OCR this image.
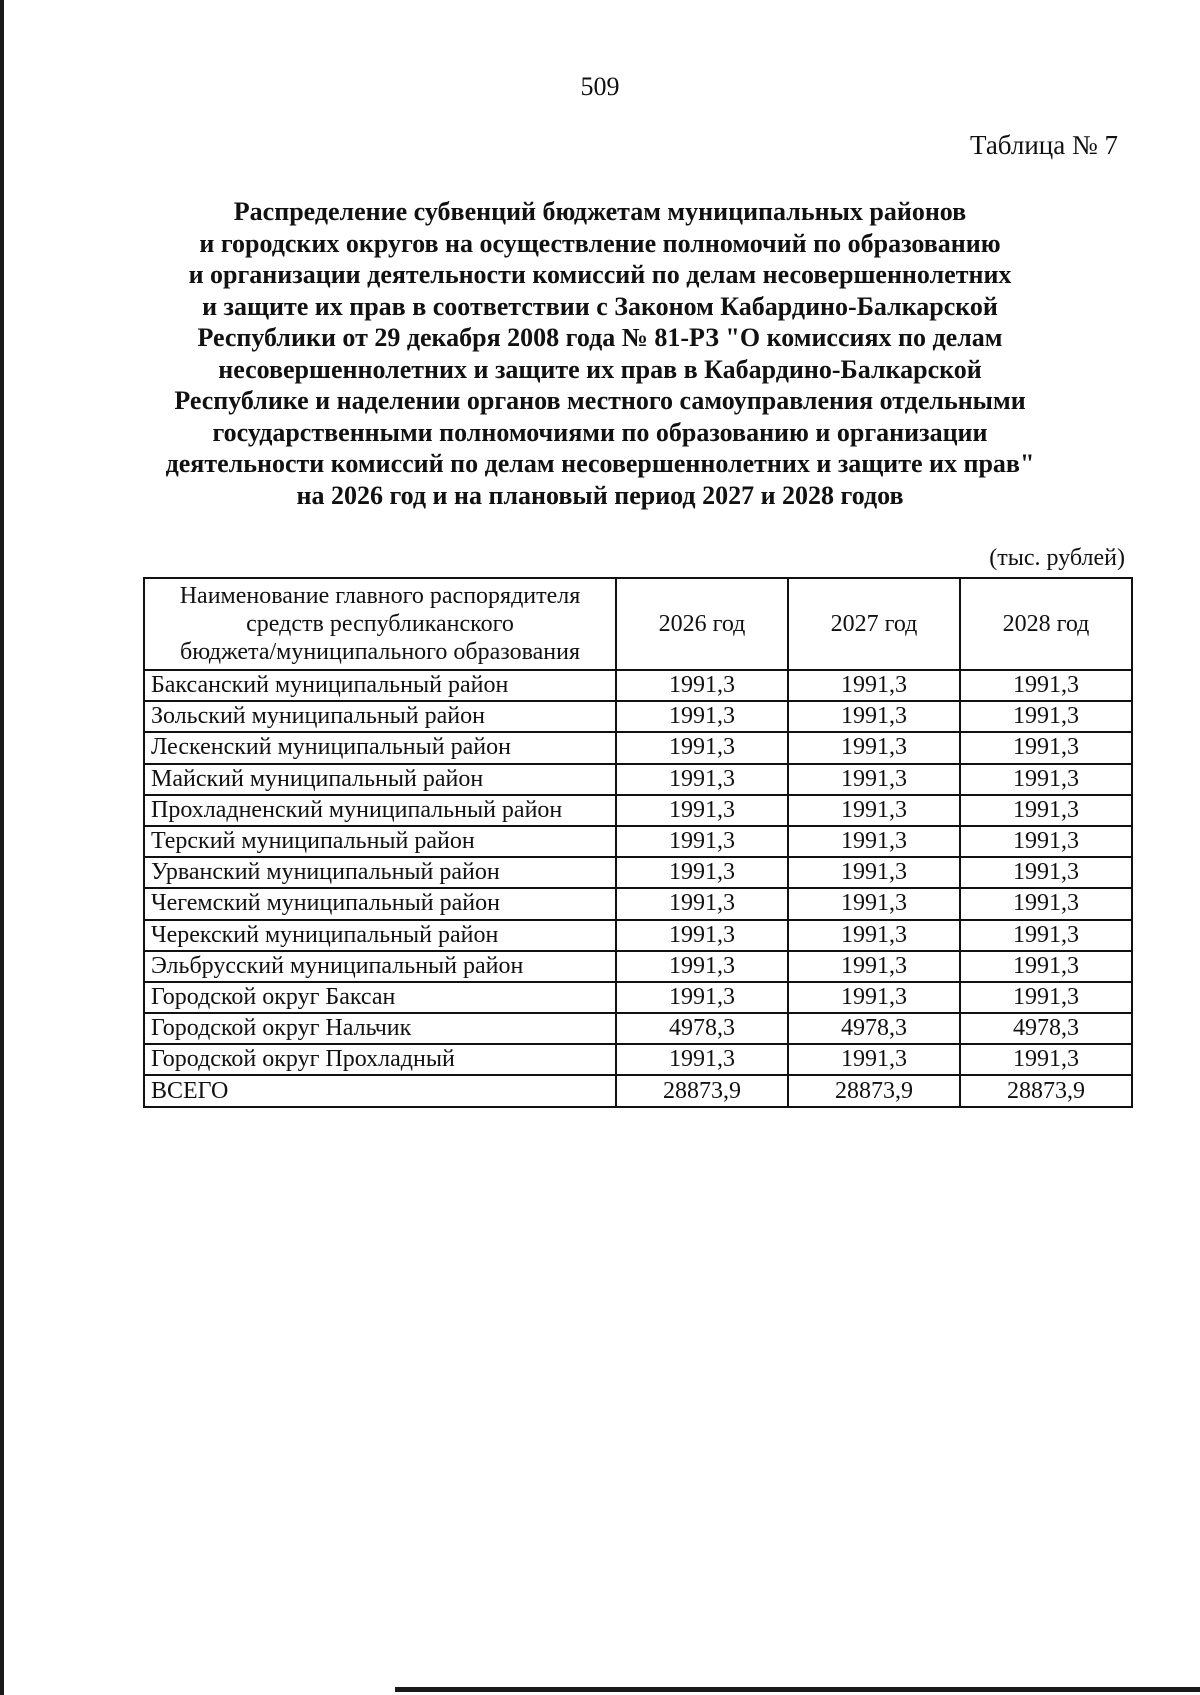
509
Таблица № 7
Распределение субвенций бюджетам муниципальных районов
и городских округов на осуществление полномочий по образованию
и организации деятельности комиссий по делам несовершеннолетних
и защите их прав в соответствии с Законом Кабардино-Балкарской
Республики от 29 декабря 2008 года № 81-РЗ "О комиссиях по делам
несовершеннолетних и защите их прав в Кабардино-Балкарской
Республике и наделении органов местного самоуправления отдельными
государственными полномочиями по образованию и организации
деятельности комиссий по делам несовершеннолетних и защите их прав"
на 2026 год и на плановый период 2027 и 2028 годов
(тыс. рублей)
Наименование главного распорядителя
средств республиканского
бюджета/муниципального образования	2026 год	2027 год	2028 год
Баксанский муниципальный район	1991,3	1991,3	1991,3
Зольский муниципальный район	1991,3	1991,3	1991,3
Лескенский муниципальный район	1991,3	1991,3	1991,3
Майский муниципальный район	1991,3	1991,3	1991,3
Прохладненский муниципальный район	1991,3	1991,3	1991,3
Терский муниципальный район	1991,3	1991,3	1991,3
Урванский муниципальный район	1991,3	1991,3	1991,3
Чегемский муниципальный район	1991,3	1991,3	1991,3
Черекский муниципальный район	1991,3	1991,3	1991,3
Эльбрусский муниципальный район	1991,3	1991,3	1991,3
Городской округ Баксан	1991,3	1991,3	1991,3
Городской округ Нальчик	4978,3	4978,3	4978,3
Городской округ Прохладный	1991,3	1991,3	1991,3
ВСЕГО	28873,9	28873,9	28873,9
